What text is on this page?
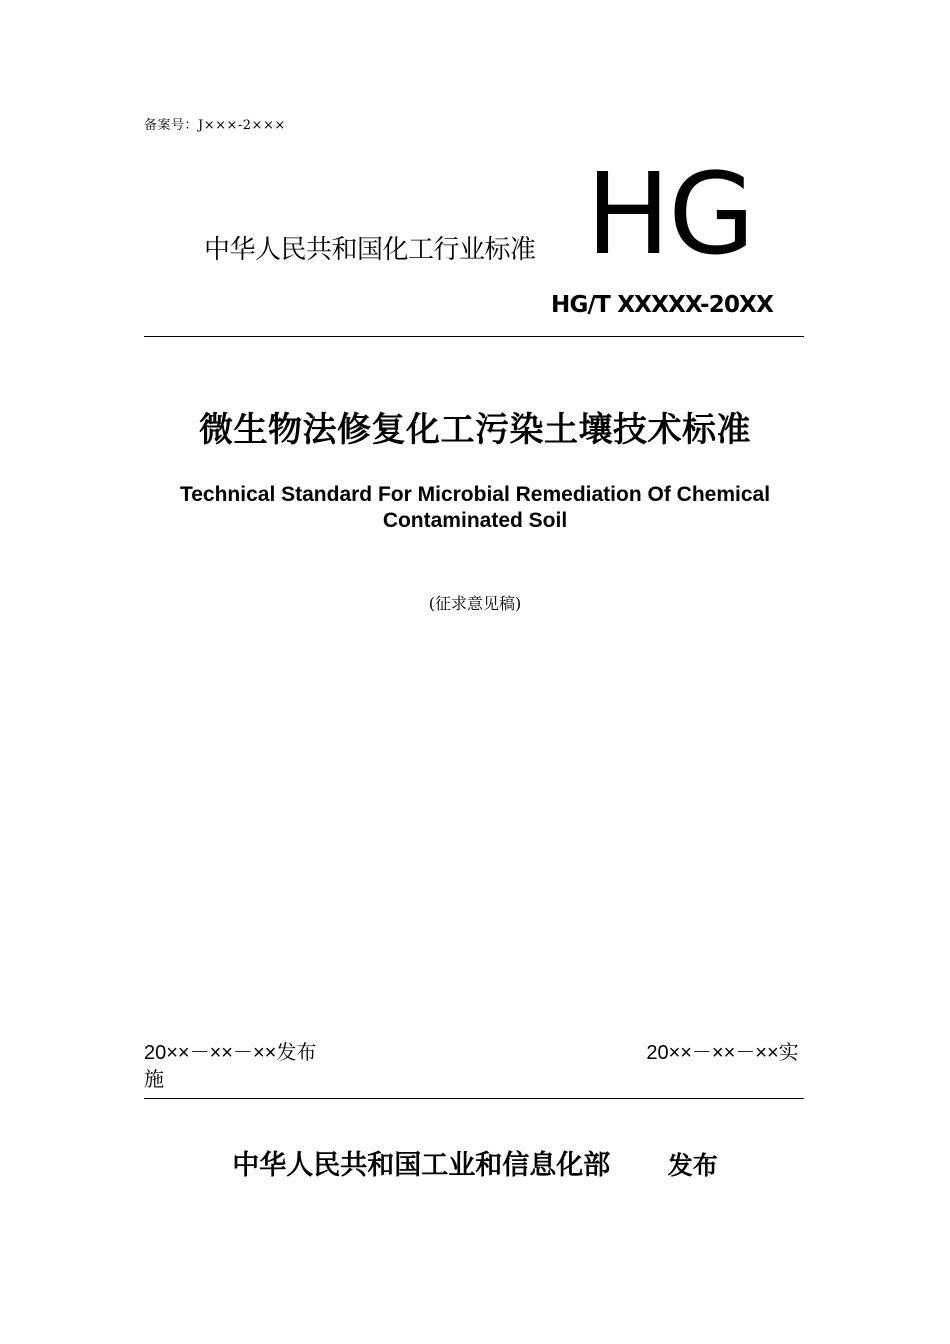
备案号：J×××-2×××
中华人民共和国化工行业标准 HG
HG/T XXXXX-20XX
微生物法修复化工污染土壤技术标准
Technical Standard For Microbial Remediation Of Chemical Contaminated Soil
(征求意见稿)
20××－××－××发布	20××－××－××实施
中华人民共和国工业和信息化部 发布
